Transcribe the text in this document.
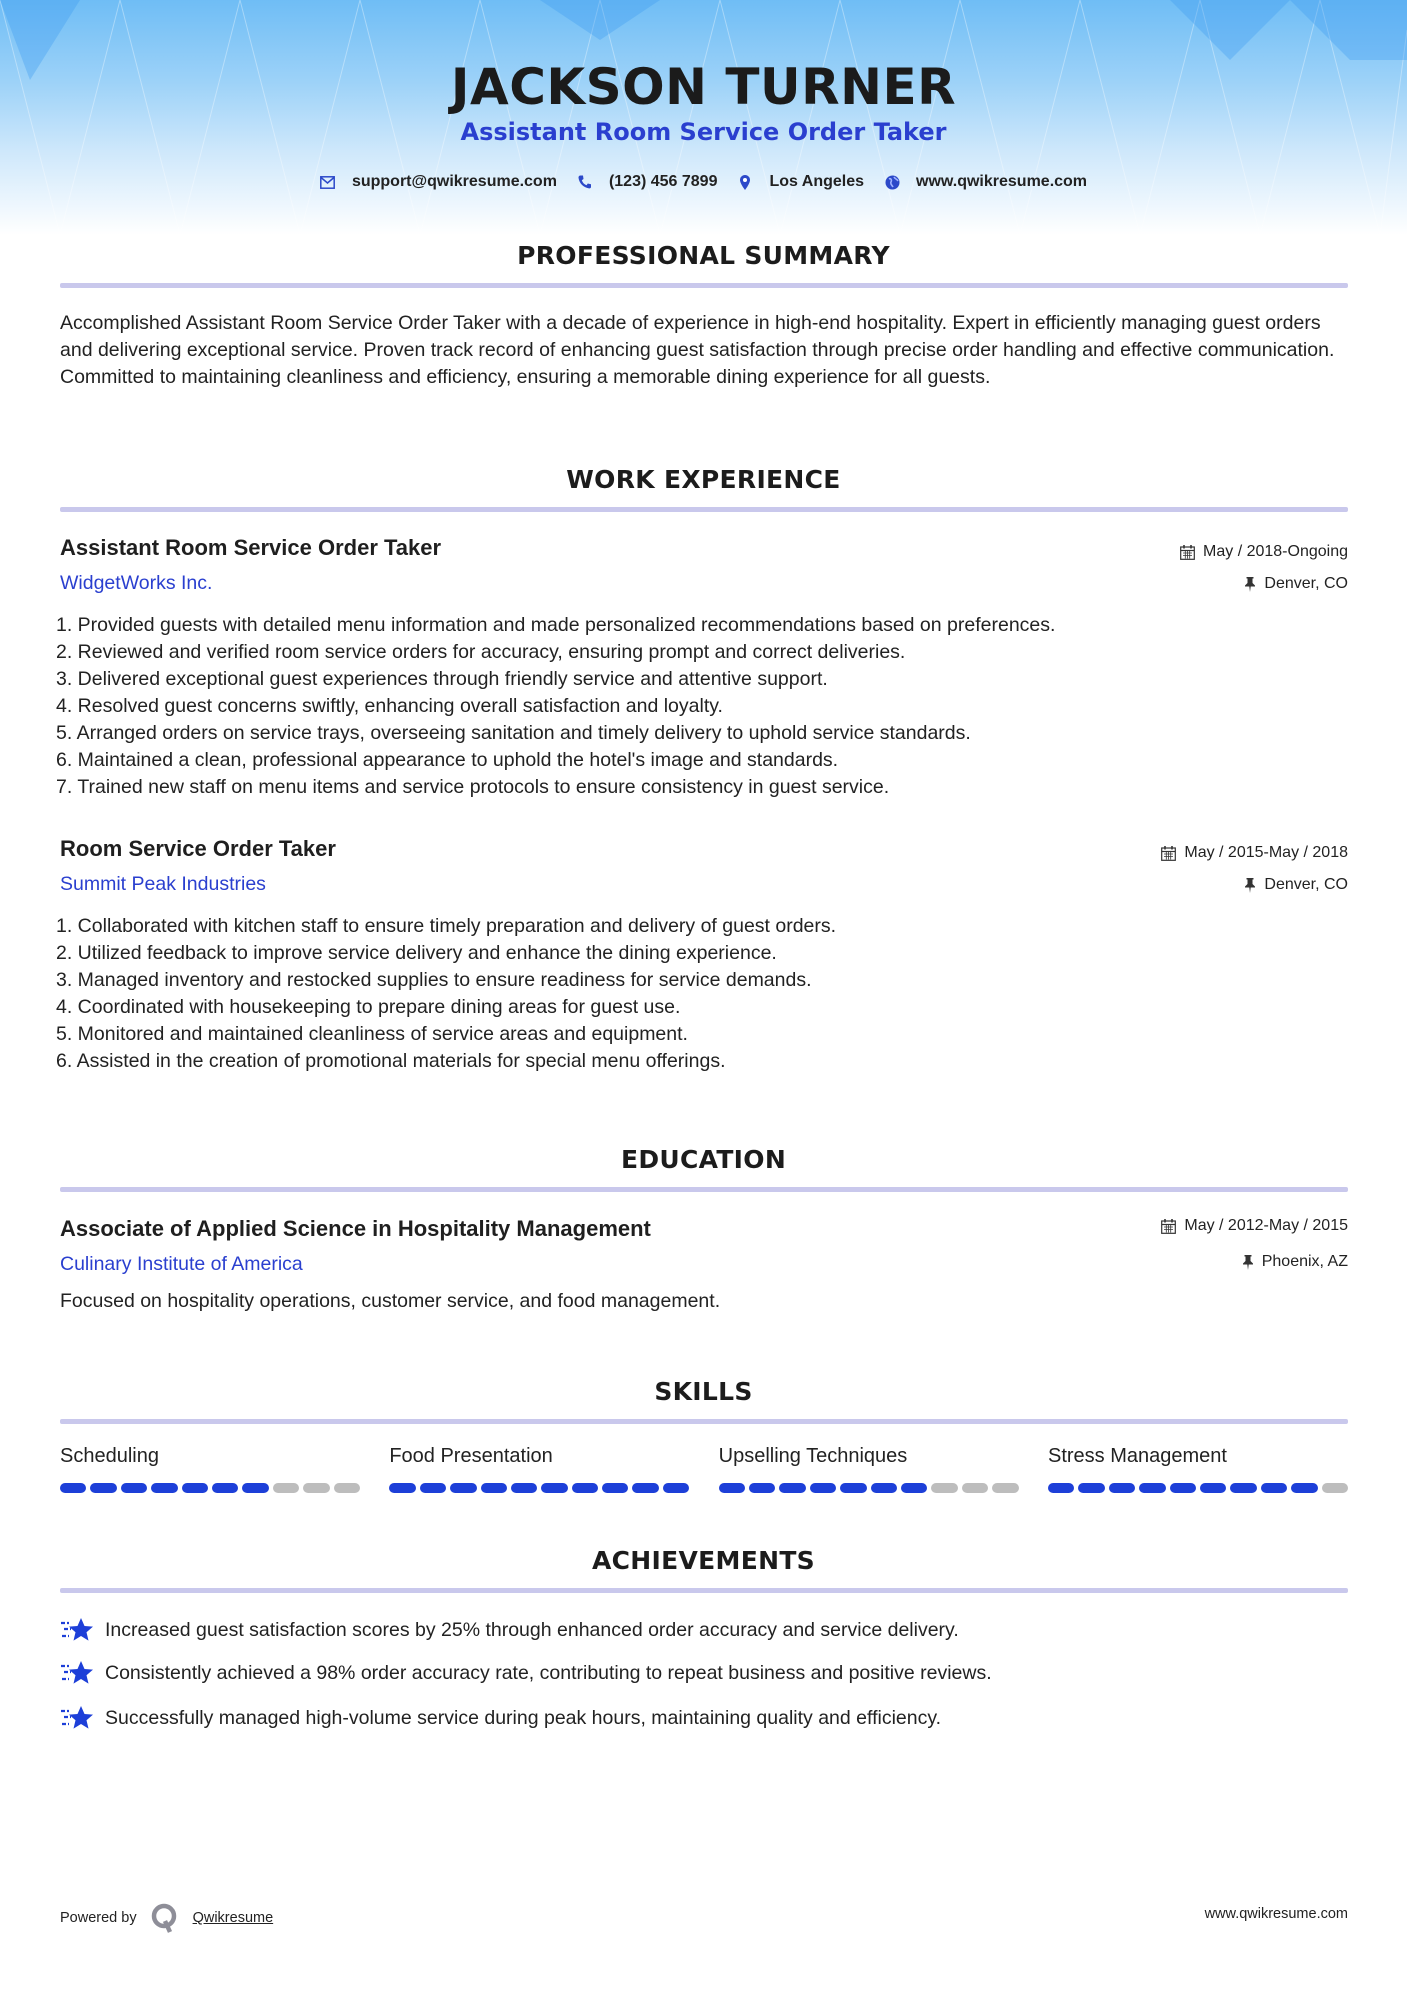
JACKSON TURNER
Assistant Room Service Order Taker
support@qwikresume.com	(123) 456 7899	Los Angeles	www.qwikresume.com
PROFESSIONAL SUMMARY
Accomplished Assistant Room Service Order Taker with a decade of experience in high-end hospitality. Expert in efficiently managing guest orders and delivering exceptional service. Proven track record of enhancing guest satisfaction through precise order handling and effective communication. Committed to maintaining cleanliness and efficiency, ensuring a memorable dining experience for all guests.
WORK EXPERIENCE
Assistant Room Service Order Taker
WidgetWorks Inc.
May / 2018-Ongoing
Denver, CO
1. Provided guests with detailed menu information and made personalized recommendations based on preferences.
2. Reviewed and verified room service orders for accuracy, ensuring prompt and correct deliveries.
3. Delivered exceptional guest experiences through friendly service and attentive support.
4. Resolved guest concerns swiftly, enhancing overall satisfaction and loyalty.
5. Arranged orders on service trays, overseeing sanitation and timely delivery to uphold service standards.
6. Maintained a clean, professional appearance to uphold the hotel's image and standards.
7. Trained new staff on menu items and service protocols to ensure consistency in guest service.
Room Service Order Taker
Summit Peak Industries
May / 2015-May / 2018
Denver, CO
1. Collaborated with kitchen staff to ensure timely preparation and delivery of guest orders.
2. Utilized feedback to improve service delivery and enhance the dining experience.
3. Managed inventory and restocked supplies to ensure readiness for service demands.
4. Coordinated with housekeeping to prepare dining areas for guest use.
5. Monitored and maintained cleanliness of service areas and equipment.
6. Assisted in the creation of promotional materials for special menu offerings.
EDUCATION
Associate of Applied Science in Hospitality Management
Culinary Institute of America
May / 2012-May / 2015
Phoenix, AZ
Focused on hospitality operations, customer service, and food management.
SKILLS
Scheduling	Food Presentation	Upselling Techniques	Stress Management
ACHIEVEMENTS
Increased guest satisfaction scores by 25% through enhanced order accuracy and service delivery.
Consistently achieved a 98% order accuracy rate, contributing to repeat business and positive reviews.
Successfully managed high-volume service during peak hours, maintaining quality and efficiency.
Powered by	Qwikresume	www.qwikresume.com
